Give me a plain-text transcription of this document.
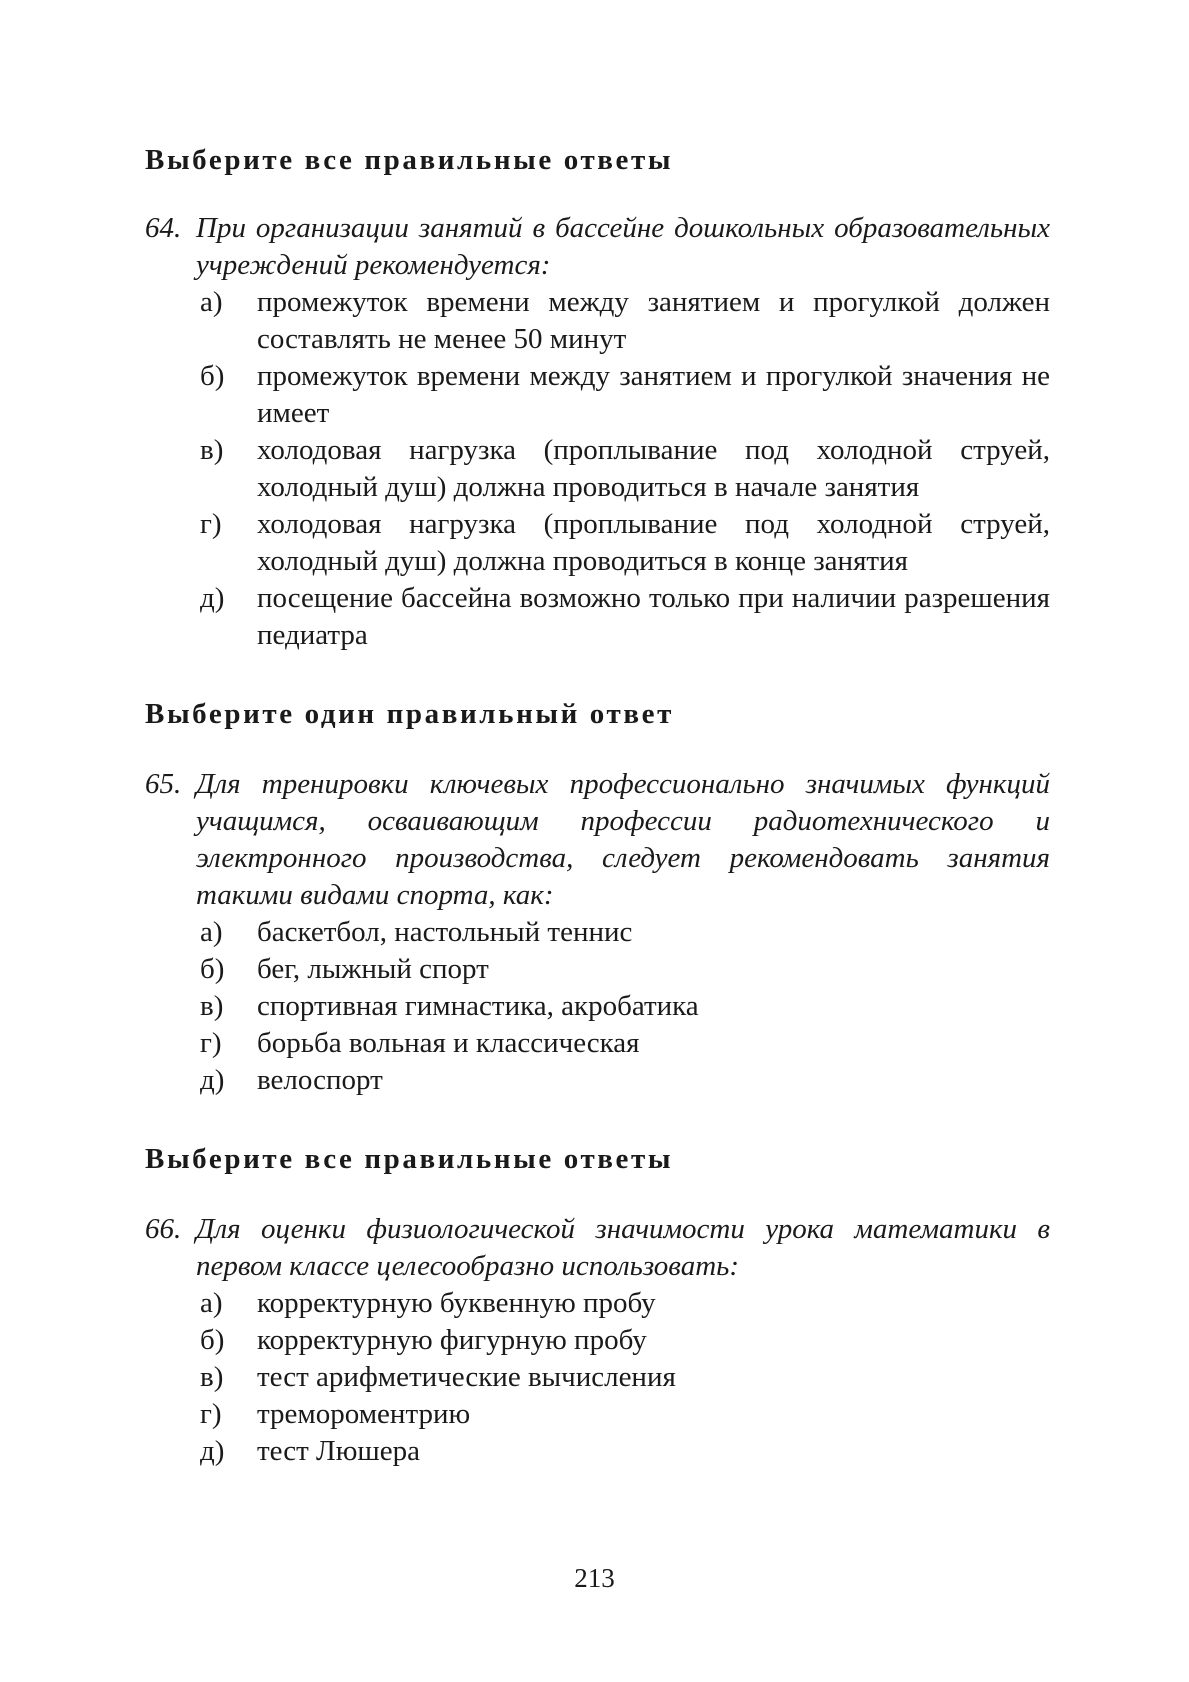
Выберите все правильные ответы

64. При организации занятий в бассейне дошкольных образовательных учреждений рекомендуется:

а)	промежуток времени между занятием и прогулкой должен составлять не менее 50 минут
б)	промежуток времени между занятием и прогулкой значения не имеет
в)	холодовая нагрузка (проплывание под холодной струей, холодный душ) должна проводиться в начале занятия
г)	холодовая нагрузка (проплывание под холодной струей, холодный душ) должна проводиться в конце занятия
д)	посещение бассейна возможно только при наличии разрешения педиатра
Выберите один правильный ответ

65. Для тренировки ключевых профессионально значимых функций учащимся, осваивающим профессии радиотехнического и электронного производства, следует рекомендовать занятия такими видами спорта, как:

а)	баскетбол, настольный теннис
б)	бег, лыжный спорт
в)	спортивная гимнастика, акробатика
г)	борьба вольная и классическая
д)	велоспорт
Выберите все правильные ответы

66. Для оценки физиологической значимости урока математики в первом классе целесообразно использовать:

а)	корректурную буквенную пробу
б)	корректурную фигурную пробу
в)	тест арифметические вычисления
г)	тремороментрию
д)	тест Люшера
213
